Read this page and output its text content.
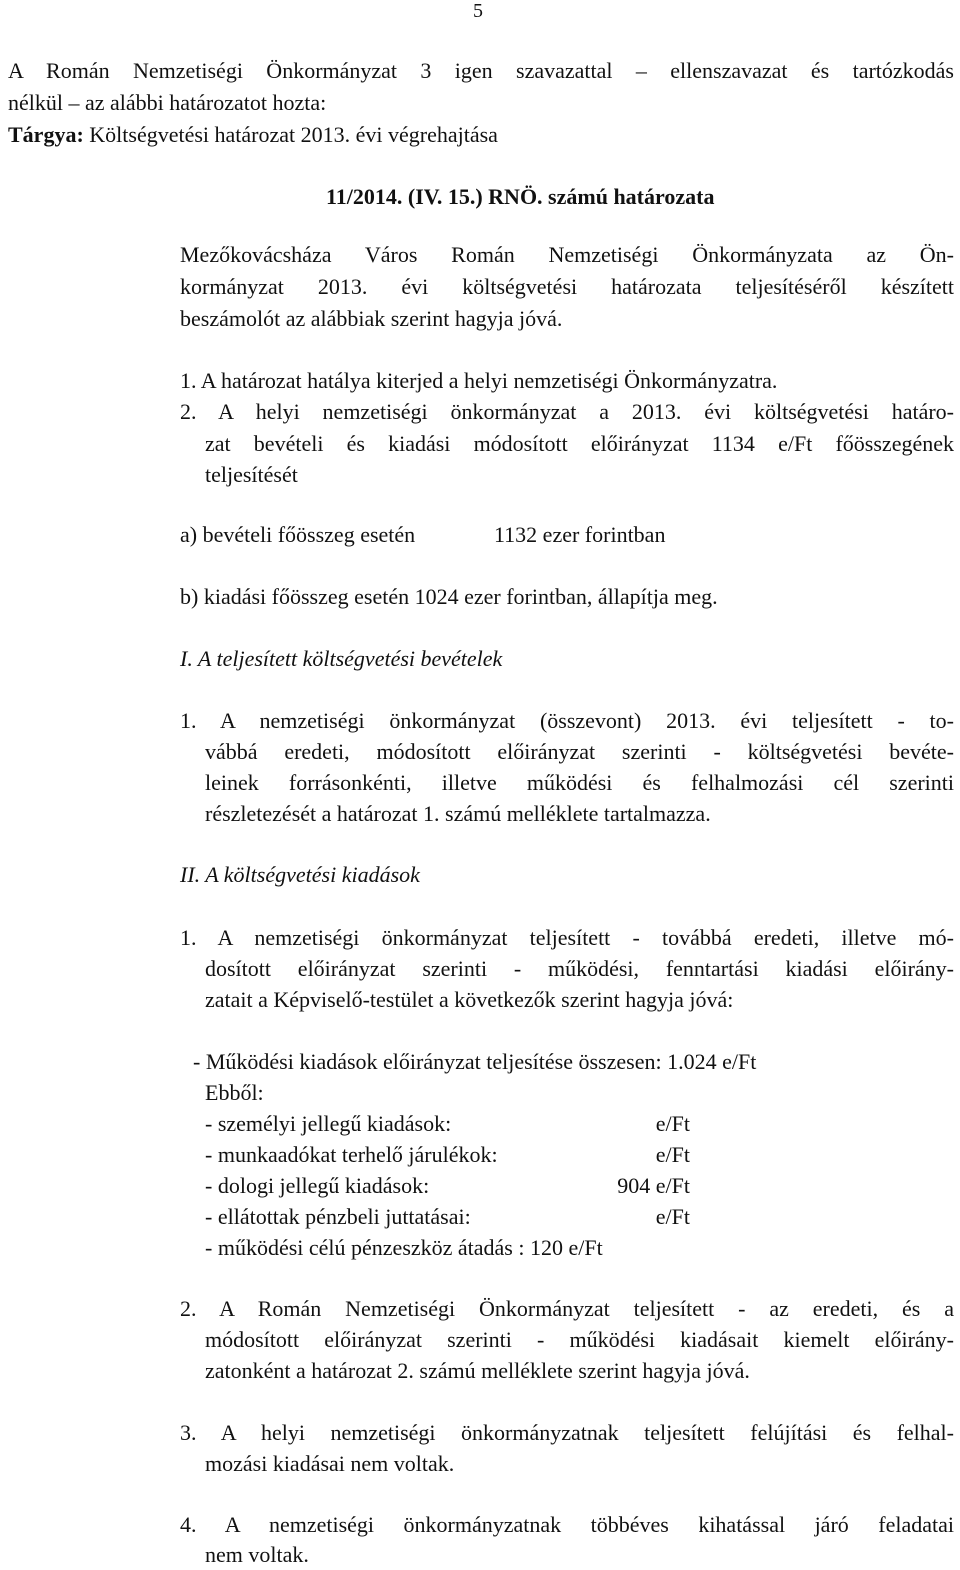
5
A Román Nemzetiségi Önkormányzat 3 igen szavazattal – ellenszavazat és tartózkodás
nélkül – az alábbi határozatot hozta:
Tárgya: Költségvetési határozat 2013. évi végrehajtása
11/2014. (IV. 15.) RNÖ. számú határozata
Mezőkovácsháza Város Román Nemzetiségi Önkormányzata az Ön-
kormányzat 2013. évi költségvetési határozata teljesítéséről készített
beszámolót az alábbiak szerint hagyja jóvá.
1. A határozat hatálya kiterjed a helyi nemzetiségi Önkormányzatra.
2. A helyi nemzetiségi önkormányzat a 2013. évi költségvetési határo-
zat bevételi és kiadási módosított előirányzat 1134 e/Ft főösszegének
teljesítését
a) bevételi főösszeg esetén	1132 ezer forintban
b) kiadási főösszeg esetén 1024 ezer forintban, állapítja meg.
I. A teljesített költségvetési bevételek
1. A nemzetiségi önkormányzat (összevont) 2013. évi teljesített - to-
vábbá eredeti, módosított előirányzat szerinti - költségvetési bevéte-
leinek forrásonkénti, illetve működési és felhalmozási cél szerinti
részletezését a határozat 1. számú melléklete tartalmazza.
II. A költségvetési kiadások
1. A nemzetiségi önkormányzat teljesített - továbbá eredeti, illetve mó-
dosított előirányzat szerinti - működési, fenntartási kiadási előirány-
zatait a Képviselő-testület a következők szerint hagyja jóvá:
- Működési kiadások előirányzat teljesítése összesen: 1.024 e/Ft
Ebből:
- személyi jellegű kiadások:	e/Ft
- munkaadókat terhelő járulékok:	e/Ft
- dologi jellegű kiadások:	904 e/Ft
- ellátottak pénzbeli juttatásai:	e/Ft
- működési célú pénzeszköz átadás : 120 e/Ft
2. A Román Nemzetiségi Önkormányzat teljesített - az eredeti, és a
módosított előirányzat szerinti - működési kiadásait kiemelt előirány-
zatonként a határozat 2. számú melléklete szerint hagyja jóvá.
3. A helyi nemzetiségi önkormányzatnak teljesített felújítási és felhal-
mozási kiadásai nem voltak.
4. A nemzetiségi önkormányzatnak többéves kihatással járó feladatai
nem voltak.
